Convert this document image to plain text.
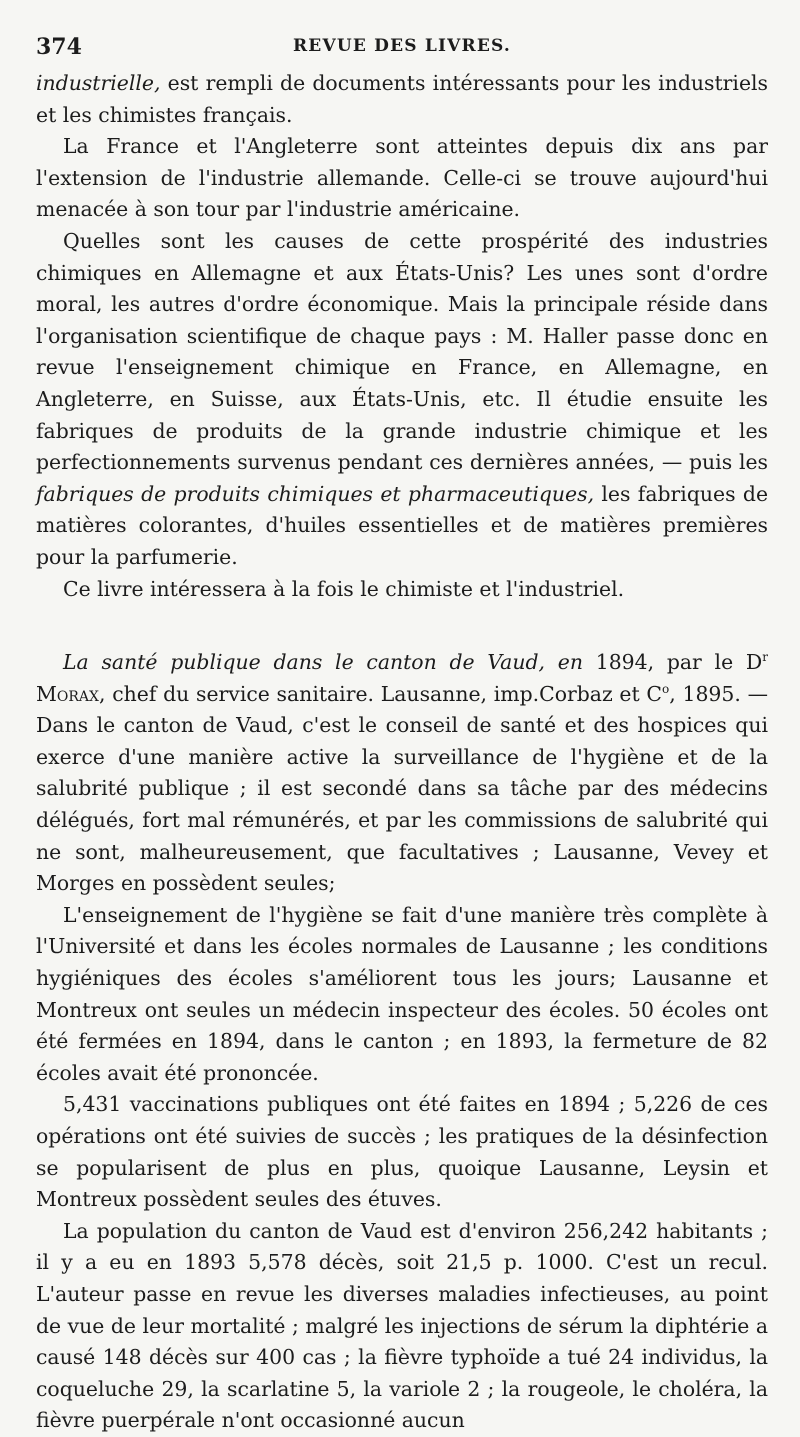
374	REVUE DES LIVRES.

industrielle, est rempli de documents intéressants pour les industriels et les chimistes français.

La France et l'Angleterre sont atteintes depuis dix ans par l'extension de l'industrie allemande. Celle-ci se trouve aujourd'hui menacée à son tour par l'industrie américaine.

Quelles sont les causes de cette prospérité des industries chimiques en Allemagne et aux États-Unis? Les unes sont d'ordre moral, les autres d'ordre économique. Mais la principale réside dans l'organisation scientifique de chaque pays : M. Haller passe donc en revue l'enseignement chimique en France, en Allemagne, en Angleterre, en Suisse, aux États-Unis, etc. Il étudie ensuite les fabriques de produits de la grande industrie chimique et les perfectionnements survenus pendant ces dernières années, — puis les fabriques de produits chimiques et pharmaceutiques, les fabriques de matières colorantes, d'huiles essentielles et de matières premières pour la parfumerie.

Ce livre intéressera à la fois le chimiste et l'industriel.

La santé publique dans le canton de Vaud, en 1894, par le $D^r$ Morax, chef du service sanitaire. Lausanne, imp.Corbaz et $C^o$, 1895. — Dans le canton de Vaud, c'est le conseil de santé et des hospices qui exerce d'une manière active la surveillance de l'hygiène et de la salubrité publique ; il est secondé dans sa tâche par des médecins délégués, fort mal rémunérés, et par les commissions de salubrité qui ne sont, malheureusement, que facultatives ; Lausanne, Vevey et Morges en possèdent seules;

L'enseignement de l'hygiène se fait d'une manière très complète à l'Université et dans les écoles normales de Lausanne ; les conditions hygiéniques des écoles s'améliorent tous les jours; Lausanne et Montreux ont seules un médecin inspecteur des écoles. 50 écoles ont été fermées en 1894, dans le canton ; en 1893, la fermeture de 82 écoles avait été prononcée.

5,431 vaccinations publiques ont été faites en 1894 ; 5,226 de ces opérations ont été suivies de succès ; les pratiques de la désinfection se popularisent de plus en plus, quoique Lausanne, Leysin et Montreux possèdent seules des étuves.

La population du canton de Vaud est d'environ 256,242 habitants ; il y a eu en 1893 5,578 décès, soit 21,5 p. 1000. C'est un recul. L'auteur passe en revue les diverses maladies infectieuses, au point de vue de leur mortalité ; malgré les injections de sérum la diphtérie a causé 148 décès sur 400 cas ; la fièvre typhoïde a tué 24 individus, la coqueluche 29, la scarlatine 5, la variole 2 ; la rougeole, le choléra, la fièvre puerpérale n'ont occasionné aucun
